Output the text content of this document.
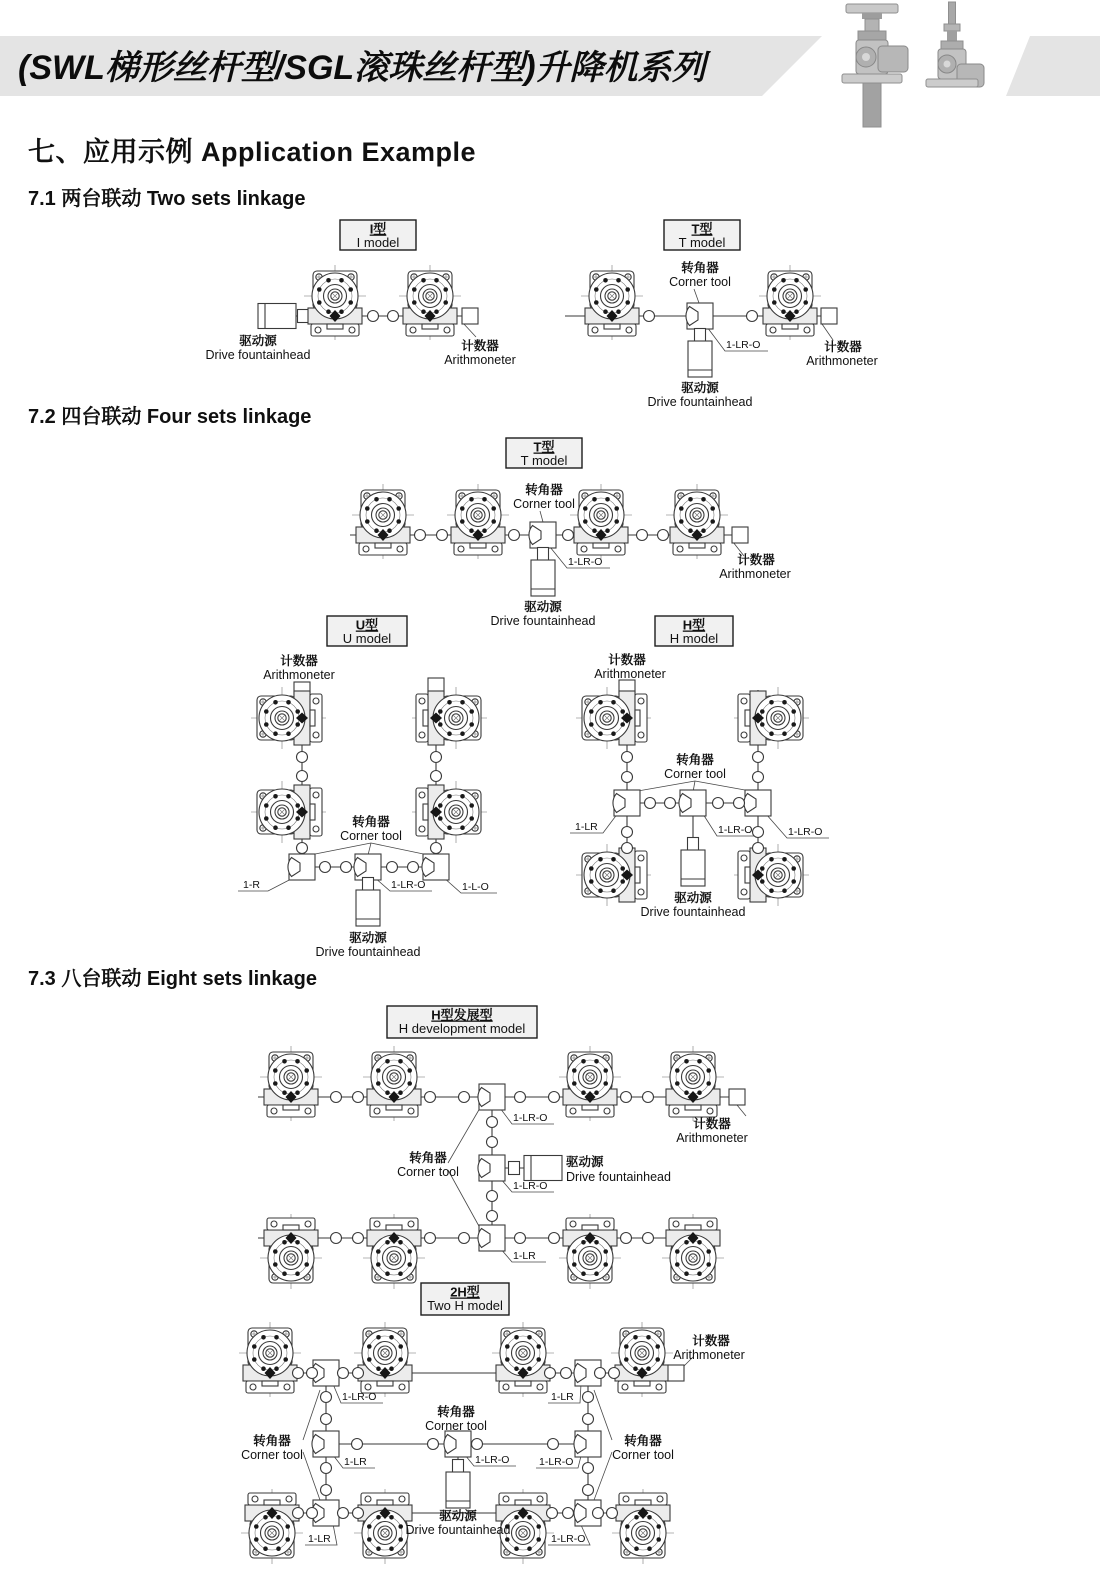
(SWL梯形丝杆型/SGL滚珠丝杆型)升降机系列
I型
I model
T型
T model
驱动源
Drive fountainhead
计数器
Arithmoneter
转角器
Corner tool
1-LR-O
驱动源
Drive fountainhead
计数器
Arithmoneter
T型
T model
转角器
Corner tool
1-LR-O
驱动源
Drive fountainhead
计数器
Arithmoneter
U型
U model
计数器
Arithmoneter
转角器
Corner tool
1-R	1-LR-O	1-L-O
驱动源
Drive fountainhead
H型
H model
计数器
Arithmoneter
转角器
Corner tool
1-LR	1-LR-O	1-LR-O
驱动源
Drive fountainhead
H型发展型
H development model
计数器
Arithmoneter
1-LR-O
1-LR-O
1-LR
转角器
Corner tool
驱动源
Drive fountainhead
2H型
Two H model
计数器
Arithmoneter
1-LR-O	1-LR
转角器
Corner tool
转角器
Corner tool
转角器
Corner tool
1-LR	1-LR-O	1-LR-O
驱动源
Drive fountainhead
1-LR	1-LR-O
七、应用示例 Application Example
7.1 两台联动 Two sets linkage
7.2 四台联动 Four sets linkage
7.3 八台联动 Eight sets linkage
